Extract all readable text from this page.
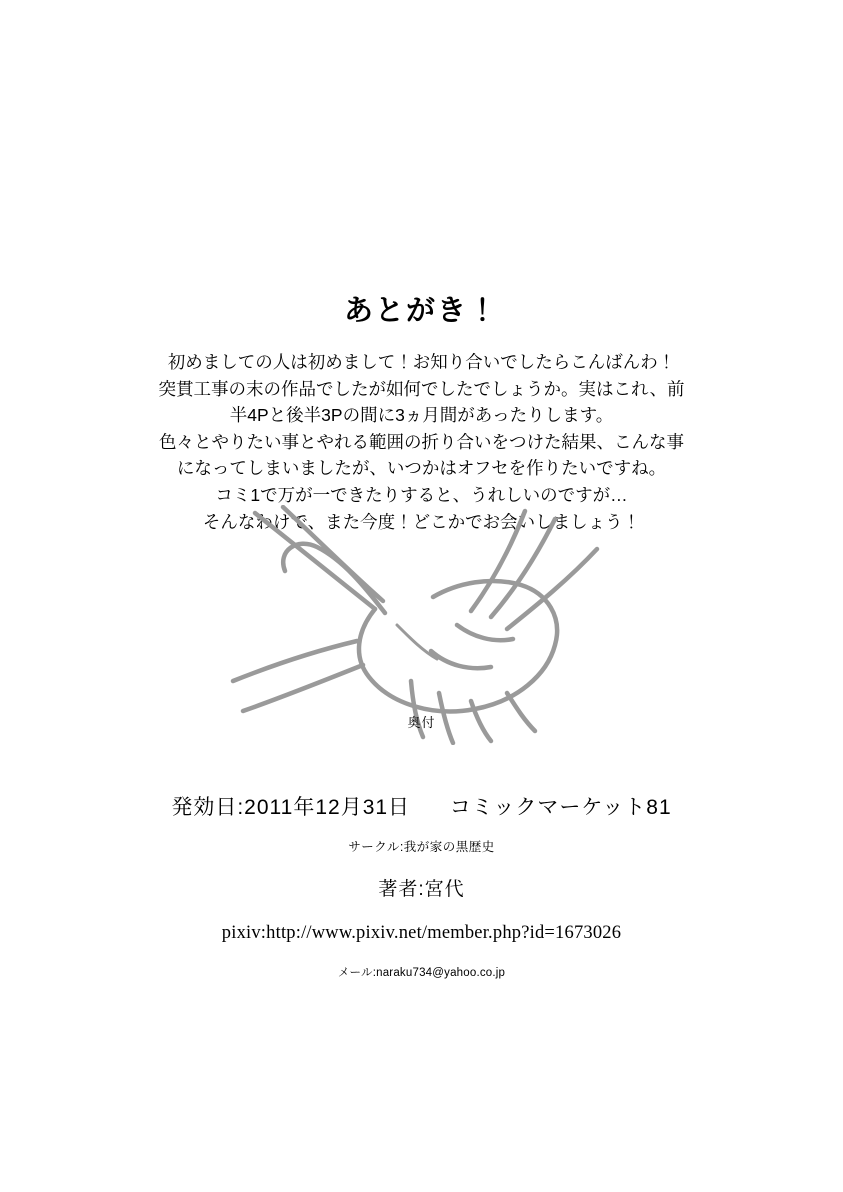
あとがき！

初めましての人は初めまして！お知り合いでしたらこんばんわ！

突貫工事の末の作品でしたが如何でしたでしょうか。実はこれ、前

半4Pと後半3Pの間に3ヵ月間があったりします。

色々とやりたい事とやれる範囲の折り合いをつけた結果、こんな事

になってしまいましたが、いつかはオフセを作りたいですね。

コミ1で万が一できたりすると、うれしいのですが…

そんなわけで、また今度！どこかでお会いしましょう！

奥付
発効日:2011年12月31日 コミックマーケット81
サークル:我が家の黒歴史
著者:宮代
pixiv:http://www.pixiv.net/member.php?id=1673026
メール:naraku734@yahoo.co.jp
